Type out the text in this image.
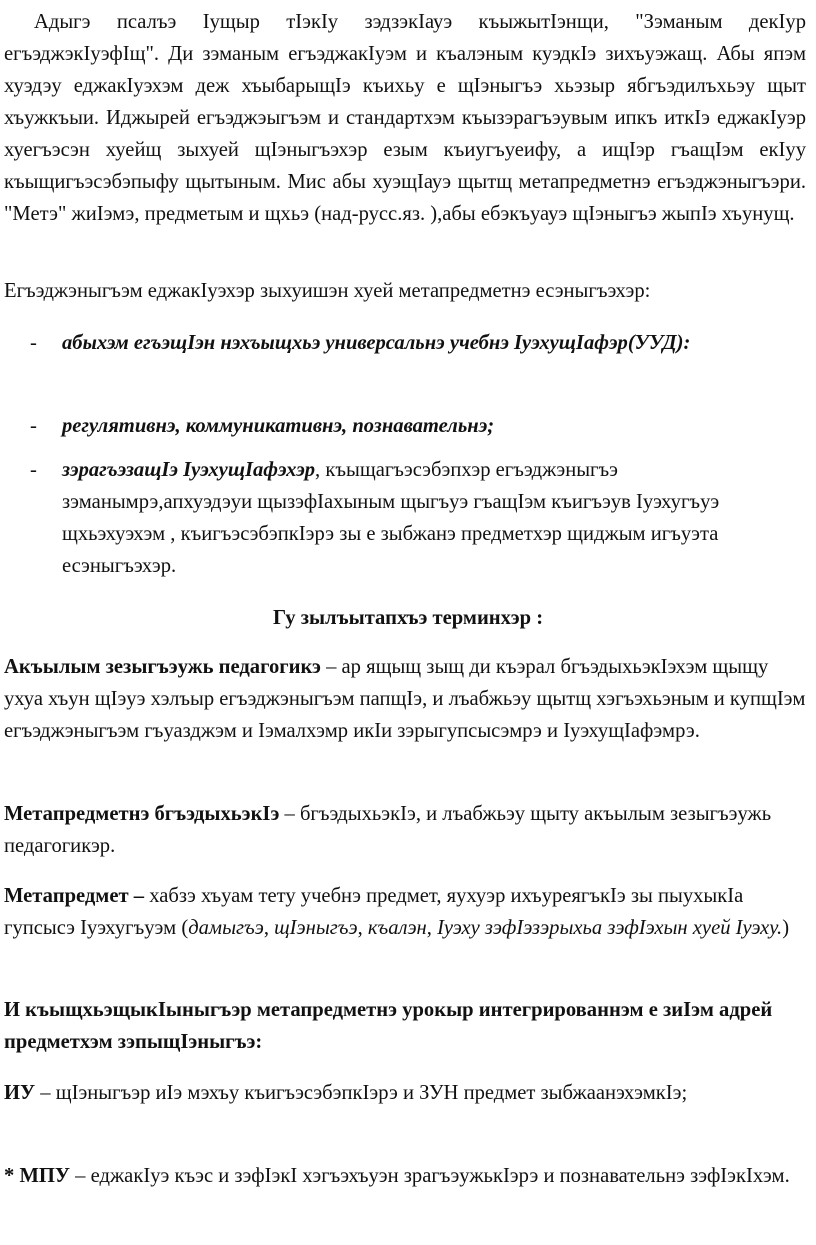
Адыгэ псалъэ Iущыр тIэкIу зэдзэкIауэ къыжытIэнщи, "Зэманым декIур егъэджэкIуэфIщ". Ди зэманым егъэджакIуэм и къалэным куэдкIэ зихъуэжащ. Абы япэм хуэдэу еджакIуэхэм деж хъыбарыщIэ къихьу е щIэныгъэ хьэзыр ябгъэдилъхьэу щыт хъужкъыи. Иджырей егъэджэыгъэм и стандартхэм къызэрагъэувым ипкъ иткIэ еджакIуэр хуегъэсэн хуейщ зыхуей щIэныгъэхэр езым къиугъуеифу, а ищIэр гъащIэм екIуу къыщигъэсэбэпыфу щытыным. Мис абы хуэщIауэ щытщ метапредметнэ егъэджэныгъэри. "Метэ" жиIэмэ, предметым и щхьэ (над-русс.яз. ),абы ебэкъуауэ щIэныгъэ жыпIэ хъунущ.
Егъэджэныгъэм еджакIуэхэр зыхуишэн хуей метапредметнэ есэныгъэхэр:
- абыхэм егъэщIэн нэхъыщхьэ универсальнэ учебнэ IуэхущIафэр(УУД):
- регулятивнэ, коммуникативнэ, познавательнэ;
- зэрагъэзащIэ IуэхущIафэхэр, къыщагъэсэбэпхэр егъэджэныгъэ зэманымрэ,апхуэдэуи щызэфIахыным щыгъуэ гъащIэм къигъэув Iуэхугъуэ щхьэхуэхэм , къигъэсэбэпкIэрэ зы е зыбжанэ предметхэр щиджым игъуэта есэныгъэхэр.
Гу зылъытапхъэ терминхэр :
Акъылым зезыгъэужь педагогикэ – ар ящыщ зыщ ди къэрал бгъэдыхьэкIэхэм щыщу ухуа хъун щIэуэ хэлъыр егъэджэныгъэм папщIэ, и лъабжьэу щытщ хэгъэхьэным и купщIэм егъэджэныгъэм гъуазджэм и Iэмалхэмр икIи зэрыгупсысэмрэ и IуэхущIафэмрэ.
Метапредметнэ бгъэдыхьэкIэ – бгъэдыхьэкIэ, и лъабжьэу щыту акъылым зезыгъэужь педагогикэр.
Метапредмет – хабзэ хъуам тету учебнэ предмет, яухуэр ихъуреягъкIэ зы пыухыкIа гупсысэ Iуэхугъуэм (дамыгъэ, щIэныгъэ, къалэн, Iуэху зэфIэзэрыхьа зэфIэхын хуей Iуэху.)
И къыщхьэщыкIыныгъэр метапредметнэ урокыр интегрированнэм е зиIэм адрей предметхэм зэпыщIэныгъэ:
ИУ – щIэныгъэр иIэ мэхъу къигъэсэбэпкIэрэ и ЗУН предмет зыбжаанэхэмкIэ;
* МПУ – еджакIуэ къэс и зэфIэкI хэгъэхъуэн зрагъэужькIэрэ и познавательнэ зэфIэкIхэм.
